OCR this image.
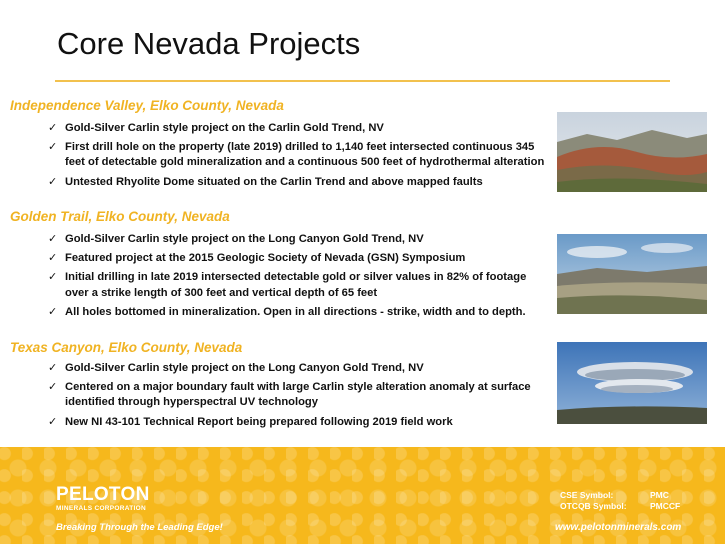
Core Nevada Projects
Independence Valley, Elko County, Nevada
✓ Gold-Silver Carlin style project on the Carlin Gold Trend, NV
✓ First drill hole on the property (late 2019) drilled to 1,140 feet intersected continuous 345 feet of detectable gold mineralization and a continuous 500 feet of hydrothermal alteration
✓ Untested Rhyolite Dome situated on the Carlin Trend and above mapped faults
Golden Trail, Elko County, Nevada
✓ Gold-Silver Carlin style project on the Long Canyon Gold Trend, NV
✓ Featured project at the 2015 Geologic Society of Nevada (GSN) Symposium
✓ Initial drilling in late 2019 intersected detectable gold or silver values in 82% of footage over a strike length of 300 feet and vertical depth of 65 feet
✓ All holes bottomed in mineralization. Open in all directions - strike, width and to depth.
Texas Canyon, Elko County, Nevada
✓ Gold-Silver Carlin style project on the Long Canyon Gold Trend, NV
✓ Centered on a major boundary fault with large Carlin style alteration anomaly at surface identified through hyperspectral UV technology
✓ New NI 43-101 Technical Report being prepared following 2019 field work
PELOTON
MINERALS CORPORATION
Breaking Through the Leading Edge!
CSE Symbol:	PMC
OTCQB Symbol:	PMCCF
www.pelotonminerals.com
